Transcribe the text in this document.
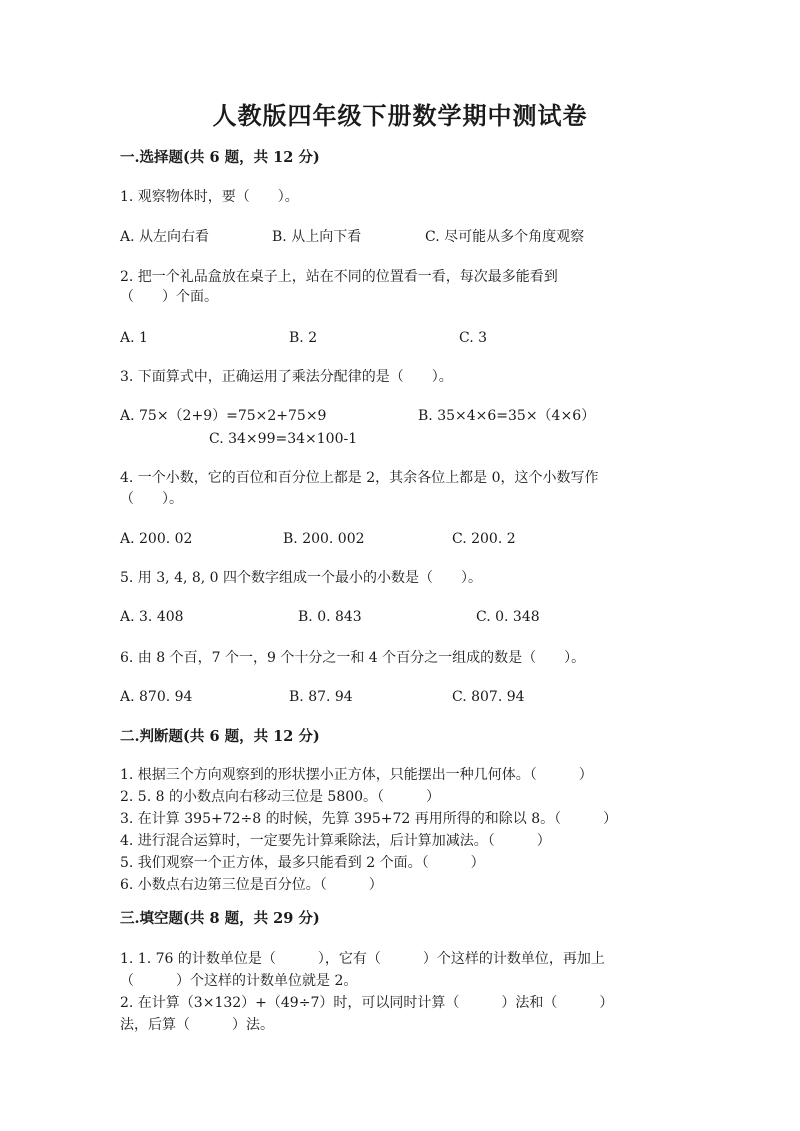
人教版四年级下册数学期中测试卷
一.选择题(共 6 题，共 12 分)
1. 观察物体时，要（　　）。
A. 从左向右看	B. 从上向下看	C. 尽可能从多个角度观察
2. 把一个礼品盒放在桌子上，站在不同的位置看一看，每次最多能看到
（　　）个面。
A. 1	B. 2	C. 3
3. 下面算式中，正确运用了乘法分配律的是（　　）。
A. 75×（2+9）=75×2+75×9	B. 35×4×6=35×（4×6）
C. 34×99=34×100-1
4. 一个小数，它的百位和百分位上都是 2，其余各位上都是 0，这个小数写作
（　　）。
A. 200. 02	B. 200. 002	C. 200. 2
5. 用 3, 4, 8, 0 四个数字组成一个最小的小数是（　　）。
A. 3. 408	B. 0. 843	C. 0. 348
6. 由 8 个百，7 个一，9 个十分之一和 4 个百分之一组成的数是（　　）。
A. 870. 94	B. 87. 94	C. 807. 94
二.判断题(共 6 题，共 12 分)
1. 根据三个方向观察到的形状摆小正方体，只能摆出一种几何体。（　　　）
2. 5. 8 的小数点向右移动三位是 5800。（　　　）
3. 在计算 395+72÷8 的时候，先算 395+72 再用所得的和除以 8。（　　　）
4. 进行混合运算时，一定要先计算乘除法，后计算加减法。（　　　）
5. 我们观察一个正方体，最多只能看到 2 个面。（　　　）
6. 小数点右边第三位是百分位。（　　　）
三.填空题(共 8 题，共 29 分)
1. 1. 76 的计数单位是（　　　），它有（　　　）个这样的计数单位，再加上
（　　　）个这样的计数单位就是 2。
2. 在计算（3×132）+（49÷7）时，可以同时计算（　　　）法和（　　　）
法，后算（　　　）法。
